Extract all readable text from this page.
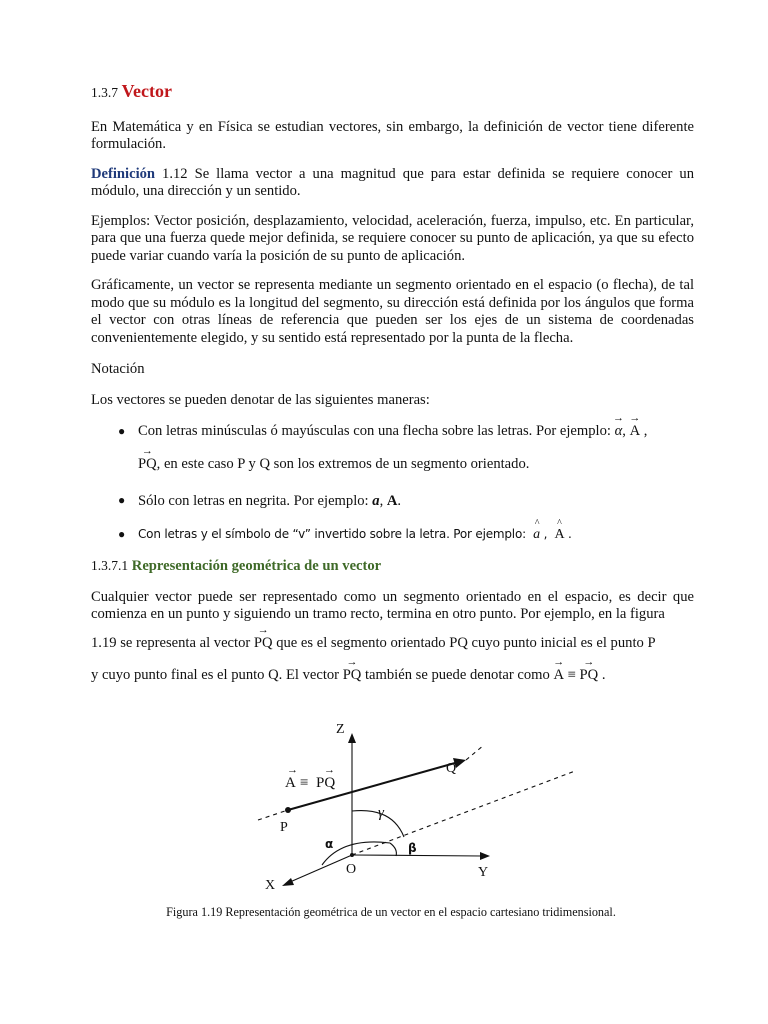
1.3.7 Vector

En Matemática y en Física se estudian vectores, sin embargo, la definición de vector tiene diferente formulación.

Definición 1.12 Se llama vector a una magnitud que para estar definida se requiere conocer un módulo, una dirección y un sentido.

Ejemplos: Vector posición, desplazamiento, velocidad, aceleración, fuerza, impulso, etc. En particular, para que una fuerza quede mejor definida, se requiere conocer su punto de aplicación, ya que su efecto puede variar cuando varía la posición de su punto de aplicación.

Gráficamente, un vector se representa mediante un segmento orientado en el espacio (o flecha), de tal modo que su módulo es la longitud del segmento, su dirección está definida por los ángulos que forma el vector con otras líneas de referencia que pueden ser los ejes de un sistema de coordenadas convenientemente elegido, y su sentido está representado por la punta de la flecha.

Notación

Los vectores se pueden denotar de las siguientes maneras:

● Con letras minúsculas ó mayúsculas con una flecha sobre las letras. Por ejemplo: → α, → A ,
→ PQ, en este caso P y Q son los extremos de un segmento orientado.
● Sólo con letras en negrita. Por ejemplo: a, A.
● Con letras y el símbolo de “v” invertido sobre la letra. Por ejemplo:  ^ a ,  ^ A .

1.3.7.1 Representación geométrica de un vector

Cualquier vector puede ser representado como un segmento orientado en el espacio, es decir que comienza en un punto y siguiendo un tramo recto, termina en otro punto. Por ejemplo, en la figura

1.19 se representa al vector → PQ que es el segmento orientado PQ cuyo punto inicial es el punto P

y cuyo punto final es el punto Q. El vector → PQ también se puede denotar como → A ≡ → PQ .

Z
Y
X
O
P
Q
γ
α	β
A
→
≡ PQ
→
Figura 1.19 Representación geométrica de un vector en el espacio cartesiano tridimensional.
